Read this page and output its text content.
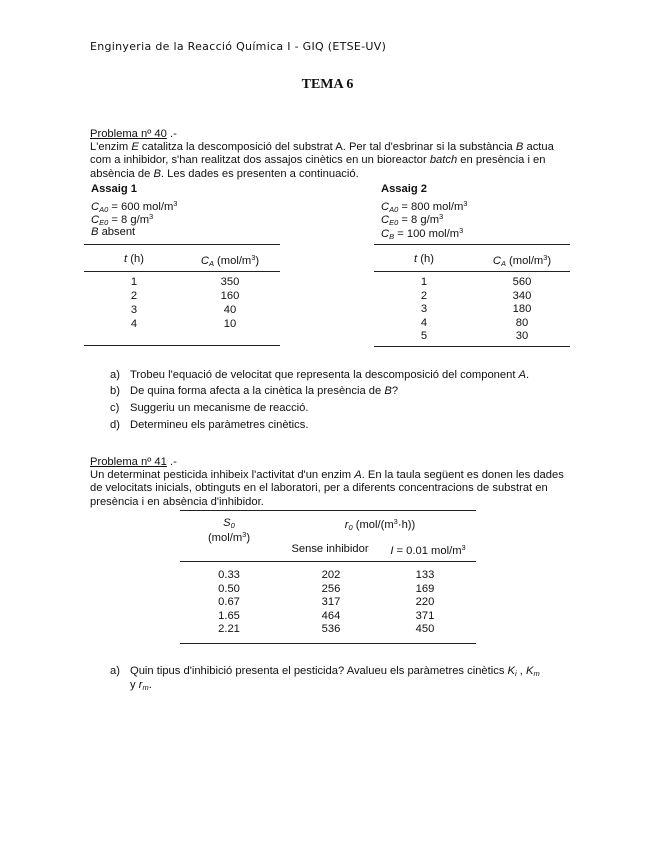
Enginyeria de la Reacció Química I - GIQ (ETSE-UV)
TEMA 6
Problema nº 40 .-
L'enzim E catalitza la descomposició del substrat A. Per tal d'esbrinar si la substància B actua com a inhibidor, s'han realitzat dos assajos cinètics en un bioreactor batch en presència i en absència de B. Les dades es presenten a continuació.
Assaig 1
$C_{A0} = 600$ mol/$m^3$
$C_{E0} = 8$ $g/m^3$
B absent
t (h)	$C_A$ $(mol/m^3)$
1	350
2	160
3	40
4	10
Assaig 2
$C_{A0} = 800$ mol/$m^3$
$C_{E0} = 8$ $g/m^3$
$C_B = 100$ mol/$m^3$
t (h)	$C_A$ $(mol/m^3)$
1	560
2	340
3	180
4	80
5	30
a) Trobeu l'equació de velocitat que representa la descomposició del component A.
b) De quina forma afecta a la cinètica la presència de B?
c) Suggeriu un mecanisme de reacció.
d) Determineu els paràmetres cinètics.
Problema nº 41 .-
Un determinat pesticida inhibeix l'activitat d'un enzim A. En la taula següent es donen les dades de velocitats inicials, obtinguts en el laboratori, per a diferents concentracions de substrat en presència i en absència d'inhibidor.
$S_0$
$(mol/m^3)$
$r_0$ $(mol/(m^3\cdot h))$
Sense inhibidor	I = 0.01 mol/$m^3$
0.33	202	133
0.50	256	169
0.67	317	220
1.65	464	371
2.21	536	450
a) Quin tipus d'inhibició presenta el pesticida? Avalueu els paràmetres cinètics $K_i$ , $K_m$
y $r_m$.
